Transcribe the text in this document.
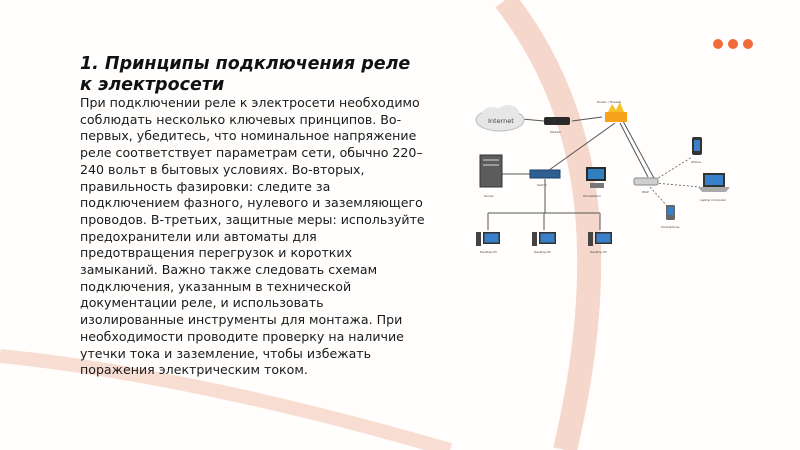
1. Принципы подключения реле к электросети

При подключении реле к электросети необходимо соблюдать несколько ключевых принципов. Во-первых, убедитесь, что номинальное напряжение реле соответствует параметрам сети, обычно 220–240 вольт в бытовых условиях. Во-вторых, правильность фазировки: следите за подключением фазного, нулевого и заземляющего проводов. В-третьих, защитные меры: используйте предохранители или автоматы для предотвращения перегрузок и коротких замыканий. Важно также следовать схемам подключения, указанным в технической документации реле, и использовать изолированные инструменты для монтажа. При необходимости проводите проверку на наличие утечки тока и заземление, чтобы избежать поражения электрическим током.

Internet
Modem
Router / Firewall
Server
Switch
Workstation
WAP
iPhone
Laptop Computer
Smartphone
Desktop PC	Desktop PC	Desktop PC
